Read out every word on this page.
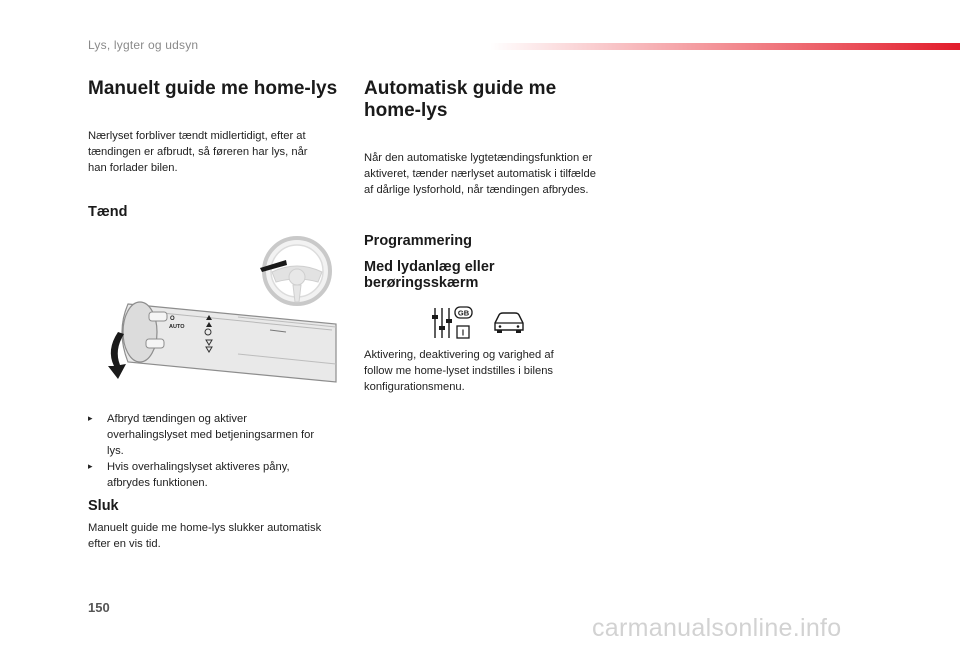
Lys, lygter og udsyn
Manuelt guide me home-lys

Nærlyset forbliver tændt midlertidigt, efter at

tændingen er afbrudt, så føreren har lys, når

han forlader bilen.

Tænd
AUTO
O
▸	Afbryd tændingen og aktiver
overhalingslyset med betjeningsarmen for
lys.
▸	Hvis overhalingslyset aktiveres påny,
afbrydes funktionen.
Sluk

Manuelt guide me home-lys slukker automatisk

efter en vis tid.

Automatisk guide me
home-lys

Når den automatiske lygtetændingsfunktion er

aktiveret, tænder nærlyset automatisk i tilfælde

af dårlige lysforhold, når tændingen afbrydes.

Programmering
Med lydanlæg eller
berøringsskærm
GB
I

Aktivering, deaktivering og varighed af

follow me home-lyset indstilles i bilens

konfigurationsmenu.

150
carmanualsonline.info
